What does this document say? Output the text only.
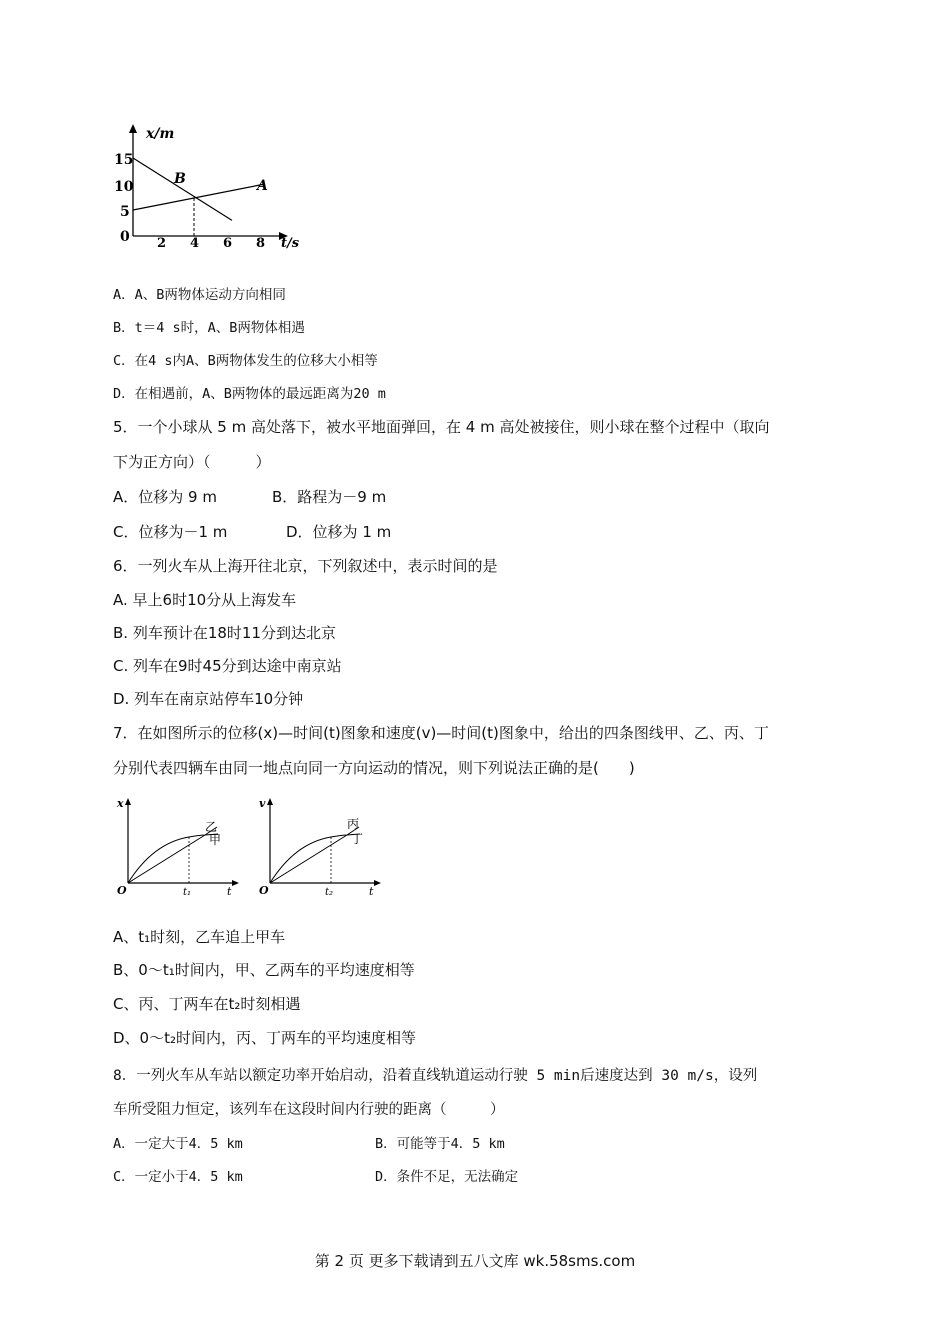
x/m
t/s
15
10
5
0 2 4 6 8
A
B
A．A、B两物体运动方向相同
B．t＝4 s时，A、B两物体相遇
C．在4 s内A、B两物体发生的位移大小相等
D．在相遇前，A、B两物体的最远距离为20 m
5．一个小球从 5 m 高处落下，被水平地面弹回，在 4 m 高处被接住，则小球在整个过程中（取向
下为正方向）（　　　）
A．位移为 9 m	B．路程为－9 m
C．位移为－1 m	D．位移为 1 m
6．一列火车从上海开往北京，下列叙述中，表示时间的是
A. 早上6时10分从上海发车
B. 列车预计在18时11分到达北京
C. 列车在9时45分到达途中南京站
D. 列车在南京站停车10分钟
7．在如图所示的位移(x)—时间(t)图象和速度(v)—时间(t)图象中，给出的四条图线甲、乙、丙、丁
分别代表四辆车由同一地点向同一方向运动的情况，则下列说法正确的是(　　)
x
t
O	t₁
乙
甲
v
t
O	t₂
丙
丁
A、t₁时刻，乙车追上甲车
B、0～t₁时间内，甲、乙两车的平均速度相等
C、丙、丁两车在t₂时刻相遇
D、0～t₂时间内，丙、丁两车的平均速度相等
8．一列火车从车站以额定功率开始启动，沿着直线轨道运动行驶 5 min后速度达到 30 m/s，设列
车所受阻力恒定，该列车在这段时间内行驶的距离（　　　）
A．一定大于4．5 km	B．可能等于4．5 km
C．一定小于4．5 km	D．条件不足，无法确定
第 2 页 更多下载请到五八文库 wk.58sms.com
